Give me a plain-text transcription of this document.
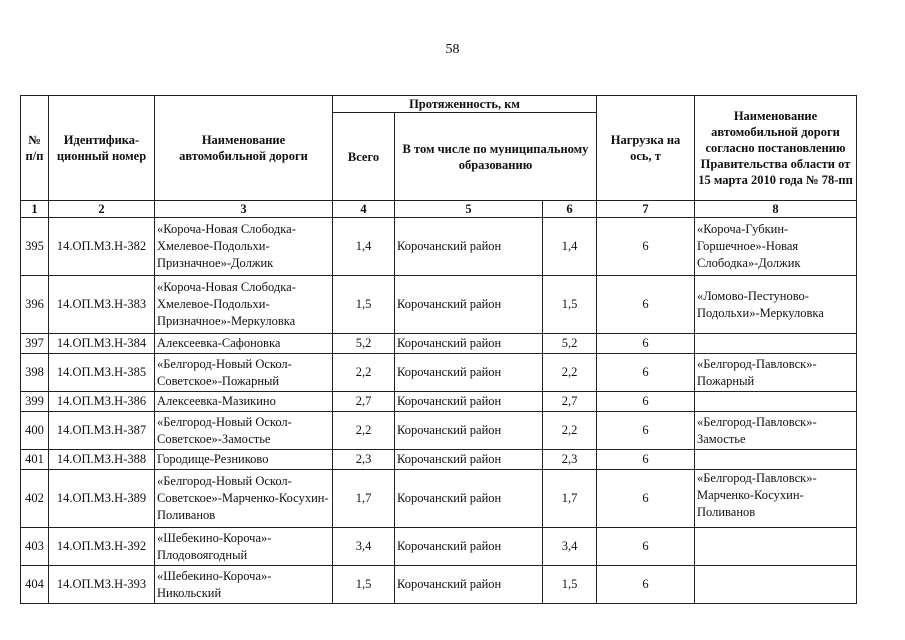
58
№ п/п	Идентифика-ционный номер	Наименование автомобильной дороги	Протяженность, км			Нагрузка на ось, т	Наименование автомобильной дороги согласно постановлению Правительства области от 15 марта 2010 года № 78-пп
			Всего	В том числе по муниципальному образованию			
1	2	3	4	5	6	7	8
395	14.ОП.МЗ.Н-382	«Короча-Новая Слободка-Хмелевое-Подольхи-Призначное»-Должик	1,4	Корочанский район	1,4	6	«Короча-Губкин-Горшечное»-Новая Слободка»-Должик
396	14.ОП.МЗ.Н-383	«Короча-Новая Слободка-Хмелевое-Подольхи-Призначное»-Меркуловка	1,5	Корочанский район	1,5	6	«Ломово-Пестуново-Подольхи»-Меркуловка
397	14.ОП.МЗ.Н-384	Алексеевка-Сафоновка	5,2	Корочанский район	5,2	6	
398	14.ОП.МЗ.Н-385	«Белгород-Новый Оскол-Советское»-Пожарный	2,2	Корочанский район	2,2	6	«Белгород-Павловск»-Пожарный
399	14.ОП.МЗ.Н-386	Алексеевка-Мазикино	2,7	Корочанский район	2,7	6	
400	14.ОП.МЗ.Н-387	«Белгород-Новый Оскол-Советское»-Замостье	2,2	Корочанский район	2,2	6	«Белгород-Павловск»-Замостье
401	14.ОП.МЗ.Н-388	Городище-Резниково	2,3	Корочанский район	2,3	6	
402	14.ОП.МЗ.Н-389	«Белгород-Новый Оскол-Советское»-Марченко-Косухин-Поливанов	1,7	Корочанский район	1,7	6	«Белгород-Павловск»-Марченко-Косухин-Поливанов
403	14.ОП.МЗ.Н-392	«Шебекино-Короча»-Плодовоягодный	3,4	Корочанский район	3,4	6	
404	14.ОП.МЗ.Н-393	«Шебекино-Короча»-Никольский	1,5	Корочанский район	1,5	6	
